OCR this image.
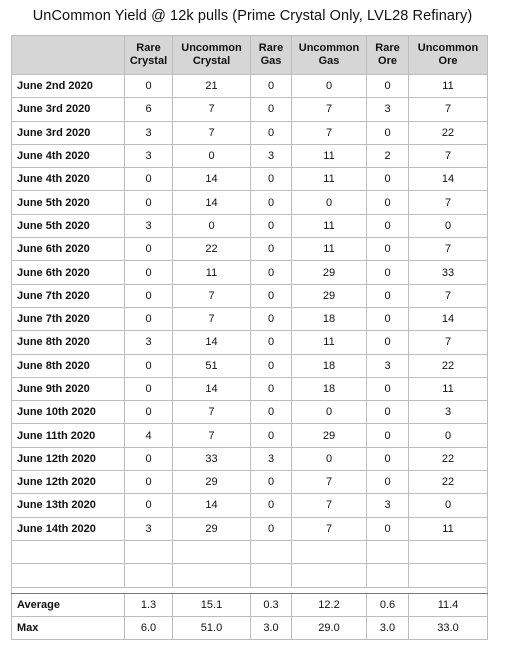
UnCommon Yield @ 12k pulls (Prime Crystal Only, LVL28 Refinary)
	Rare Crystal	Uncommon Crystal	Rare Gas	Uncommon Gas	Rare Ore	Uncommon Ore
June 2nd 2020	0	21	0	0	0	11
June 3rd 2020	6	7	0	7	3	7
June 3rd 2020	3	7	0	7	0	22
June 4th 2020	3	0	3	11	2	7
June 4th 2020	0	14	0	11	0	14
June 5th 2020	0	14	0	0	0	7
June 5th 2020	3	0	0	11	0	0
June 6th 2020	0	22	0	11	0	7
June 6th 2020	0	11	0	29	0	33
June 7th 2020	0	7	0	29	0	7
June 7th 2020	0	7	0	18	0	14
June 8th 2020	3	14	0	11	0	7
June 8th 2020	0	51	0	18	3	22
June 9th 2020	0	14	0	18	0	11
June 10th 2020	0	7	0	0	0	3
June 11th 2020	4	7	0	29	0	0
June 12th 2020	0	33	3	0	0	22
June 12th 2020	0	29	0	7	0	22
June 13th 2020	0	14	0	7	3	0
June 14th 2020	3	29	0	7	0	11

Average	1.3	15.1	0.3	12.2	0.6	11.4
Max	6.0	51.0	3.0	29.0	3.0	33.0
